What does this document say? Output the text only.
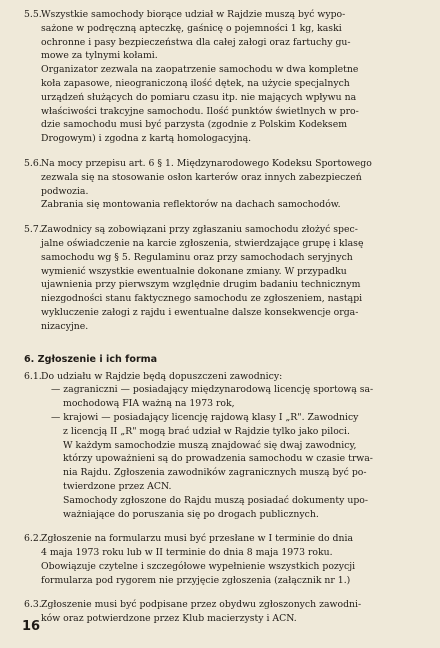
5.5. Wszystkie samochody biorące udział w Rajdzie muszą być wypo-

sażone w podręczną apteczkę, gaśnicę o pojemności 1 kg, kaski

ochronne i pasy bezpieczeństwa dla całej załogi oraz fartuchy gu-

mowe za tylnymi kołami.

Organizator zezwala na zaopatrzenie samochodu w dwa kompletne

koła zapasowe, nieograniczoną ilość dętek, na użycie specjalnych

urządzeń służących do pomiaru czasu itp. nie mających wpływu na

właściwości trakcyjne samochodu. Ilość punktów świetlnych w pro-

dzie samochodu musi być parzysta (zgodnie z Polskim Kodeksem

Drogowym) i zgodna z kartą homologacyjną.

5.6. Na mocy przepisu art. 6 § 1. Międzynarodowego Kodeksu Sportowego

zezwala się na stosowanie osłon karterów oraz innych zabezpieczeń

podwozia.

Zabrania się montowania reflektorów na dachach samochodów.

5.7. Zawodnicy są zobowiązani przy zgłaszaniu samochodu złożyć spec-

jalne oświadczenie na karcie zgłoszenia, stwierdzające grupę i klasę

samochodu wg § 5. Regulaminu oraz przy samochodach seryjnych

wymienić wszystkie ewentualnie dokonane zmiany. W przypadku

ujawnienia przy pierwszym względnie drugim badaniu technicznym

niezgodności stanu faktycznego samochodu ze zgłoszeniem, nastąpi

wykluczenie załogi z rajdu i ewentualne dalsze konsekwencje orga-

nizacyjne.

6. Zgłoszenie i ich forma
6.1. Do udziału w Rajdzie będą dopuszczeni zawodnicy:

— zagraniczni — posiadający międzynarodową licencję sportową sa-

mochodową FIA ważną na 1973 rok,

— krajowi — posiadający licencję rajdową klasy I „R". Zawodnicy

z licencją II „R" mogą brać udział w Rajdzie tylko jako piloci.

W każdym samochodzie muszą znajdować się dwaj zawodnicy,

którzy upoważnieni są do prowadzenia samochodu w czasie trwa-

nia Rajdu. Zgłoszenia zawodników zagranicznych muszą być po-

twierdzone przez ACN.

Samochody zgłoszone do Rajdu muszą posiadać dokumenty upo-

ważniające do poruszania się po drogach publicznych.

6.2. Zgłoszenie na formularzu musi być przesłane w I terminie do dnia

4 maja 1973 roku lub w II terminie do dnia 8 maja 1973 roku.

Obowiązuje czytelne i szczegółowe wypełnienie wszystkich pozycji

formularza pod rygorem nie przyjęcie zgłoszenia (załącznik nr 1.)

6.3. Zgłoszenie musi być podpisane przez obydwu zgłoszonych zawodni-

ków oraz potwierdzone przez Klub macierzysty i ACN.

16
